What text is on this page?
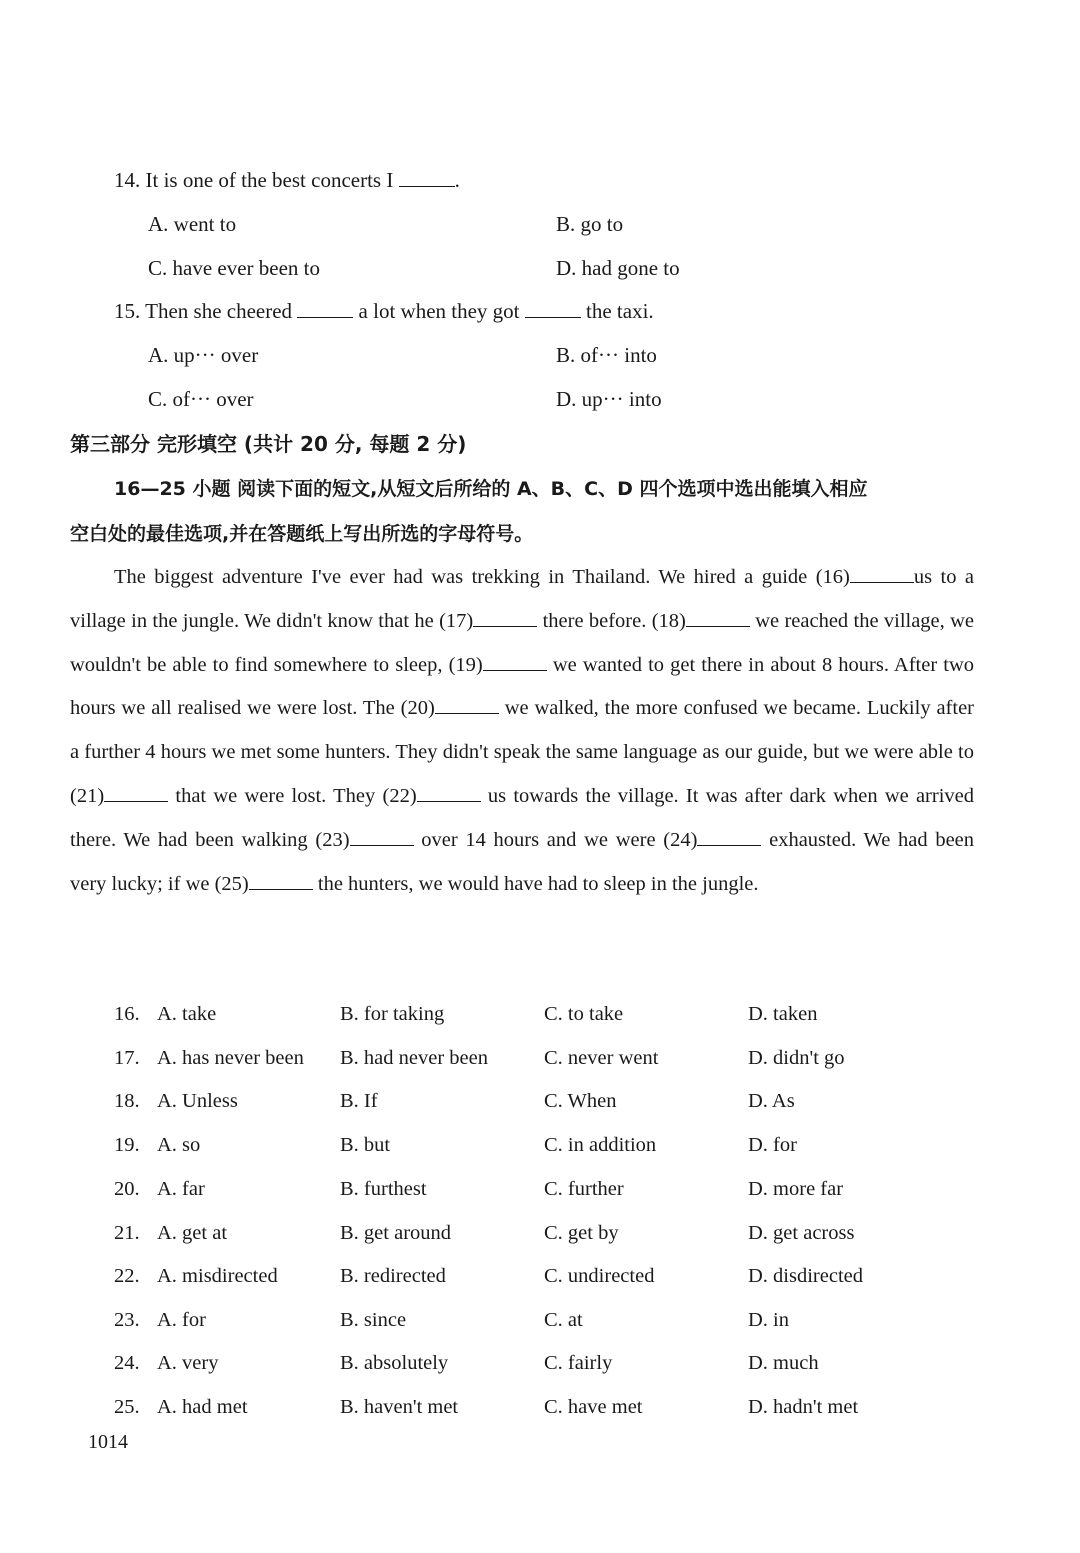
14. It is one of the best concerts I	.
A. went to	B. go to
C. have ever been to	D. had gone to
15. Then she cheered	a lot when they got	the taxi.
A. up··· over	B. of··· into
C. of··· over	D. up··· into
第三部分 完形填空 (共计 20 分, 每题 2 分)
16—25 小题 阅读下面的短文,从短文后所给的 A、B、C、D 四个选项中选出能填入相应
空白处的最佳选项,并在答题纸上写出所选的字母符号。

The biggest adventure I've ever had was trekking in Thailand. We hired a guide (16)	us to a village in the jungle. We didn't know that he (17)	there before. (18)	we reached the village, we wouldn't be able to find somewhere to sleep, (19)	we wanted to get there in about 8 hours. After two hours we all realised we were lost. The (20)	we walked, the more confused we became. Luckily after a further 4 hours we met some hunters. They didn't speak the same language as our guide, but we were able to (21)	that we were lost. They (22)	us towards the village. It was after dark when we arrived there. We had been walking (23)	over 14 hours and we were (24)	exhausted. We had been very lucky; if we (25)	the hunters, we would have had to sleep in the jungle.

16. A. take	B. for taking	C. to take	D. taken
17. A. has never been B. had never been	C. never went	D. didn't go
18. A. Unless	B. If	C. When	D. As
19. A. so	B. but	C. in addition	D. for
20. A. far	B. furthest	C. further	D. more far
21. A. get at	B. get around	C. get by	D. get across
22. A. misdirected	B. redirected	C. undirected	D. disdirected
23. A. for	B. since	C. at	D. in
24. A. very	B. absolutely	C. fairly	D. much
25. A. had met	B. haven't met	C. have met	D. hadn't met
1014
